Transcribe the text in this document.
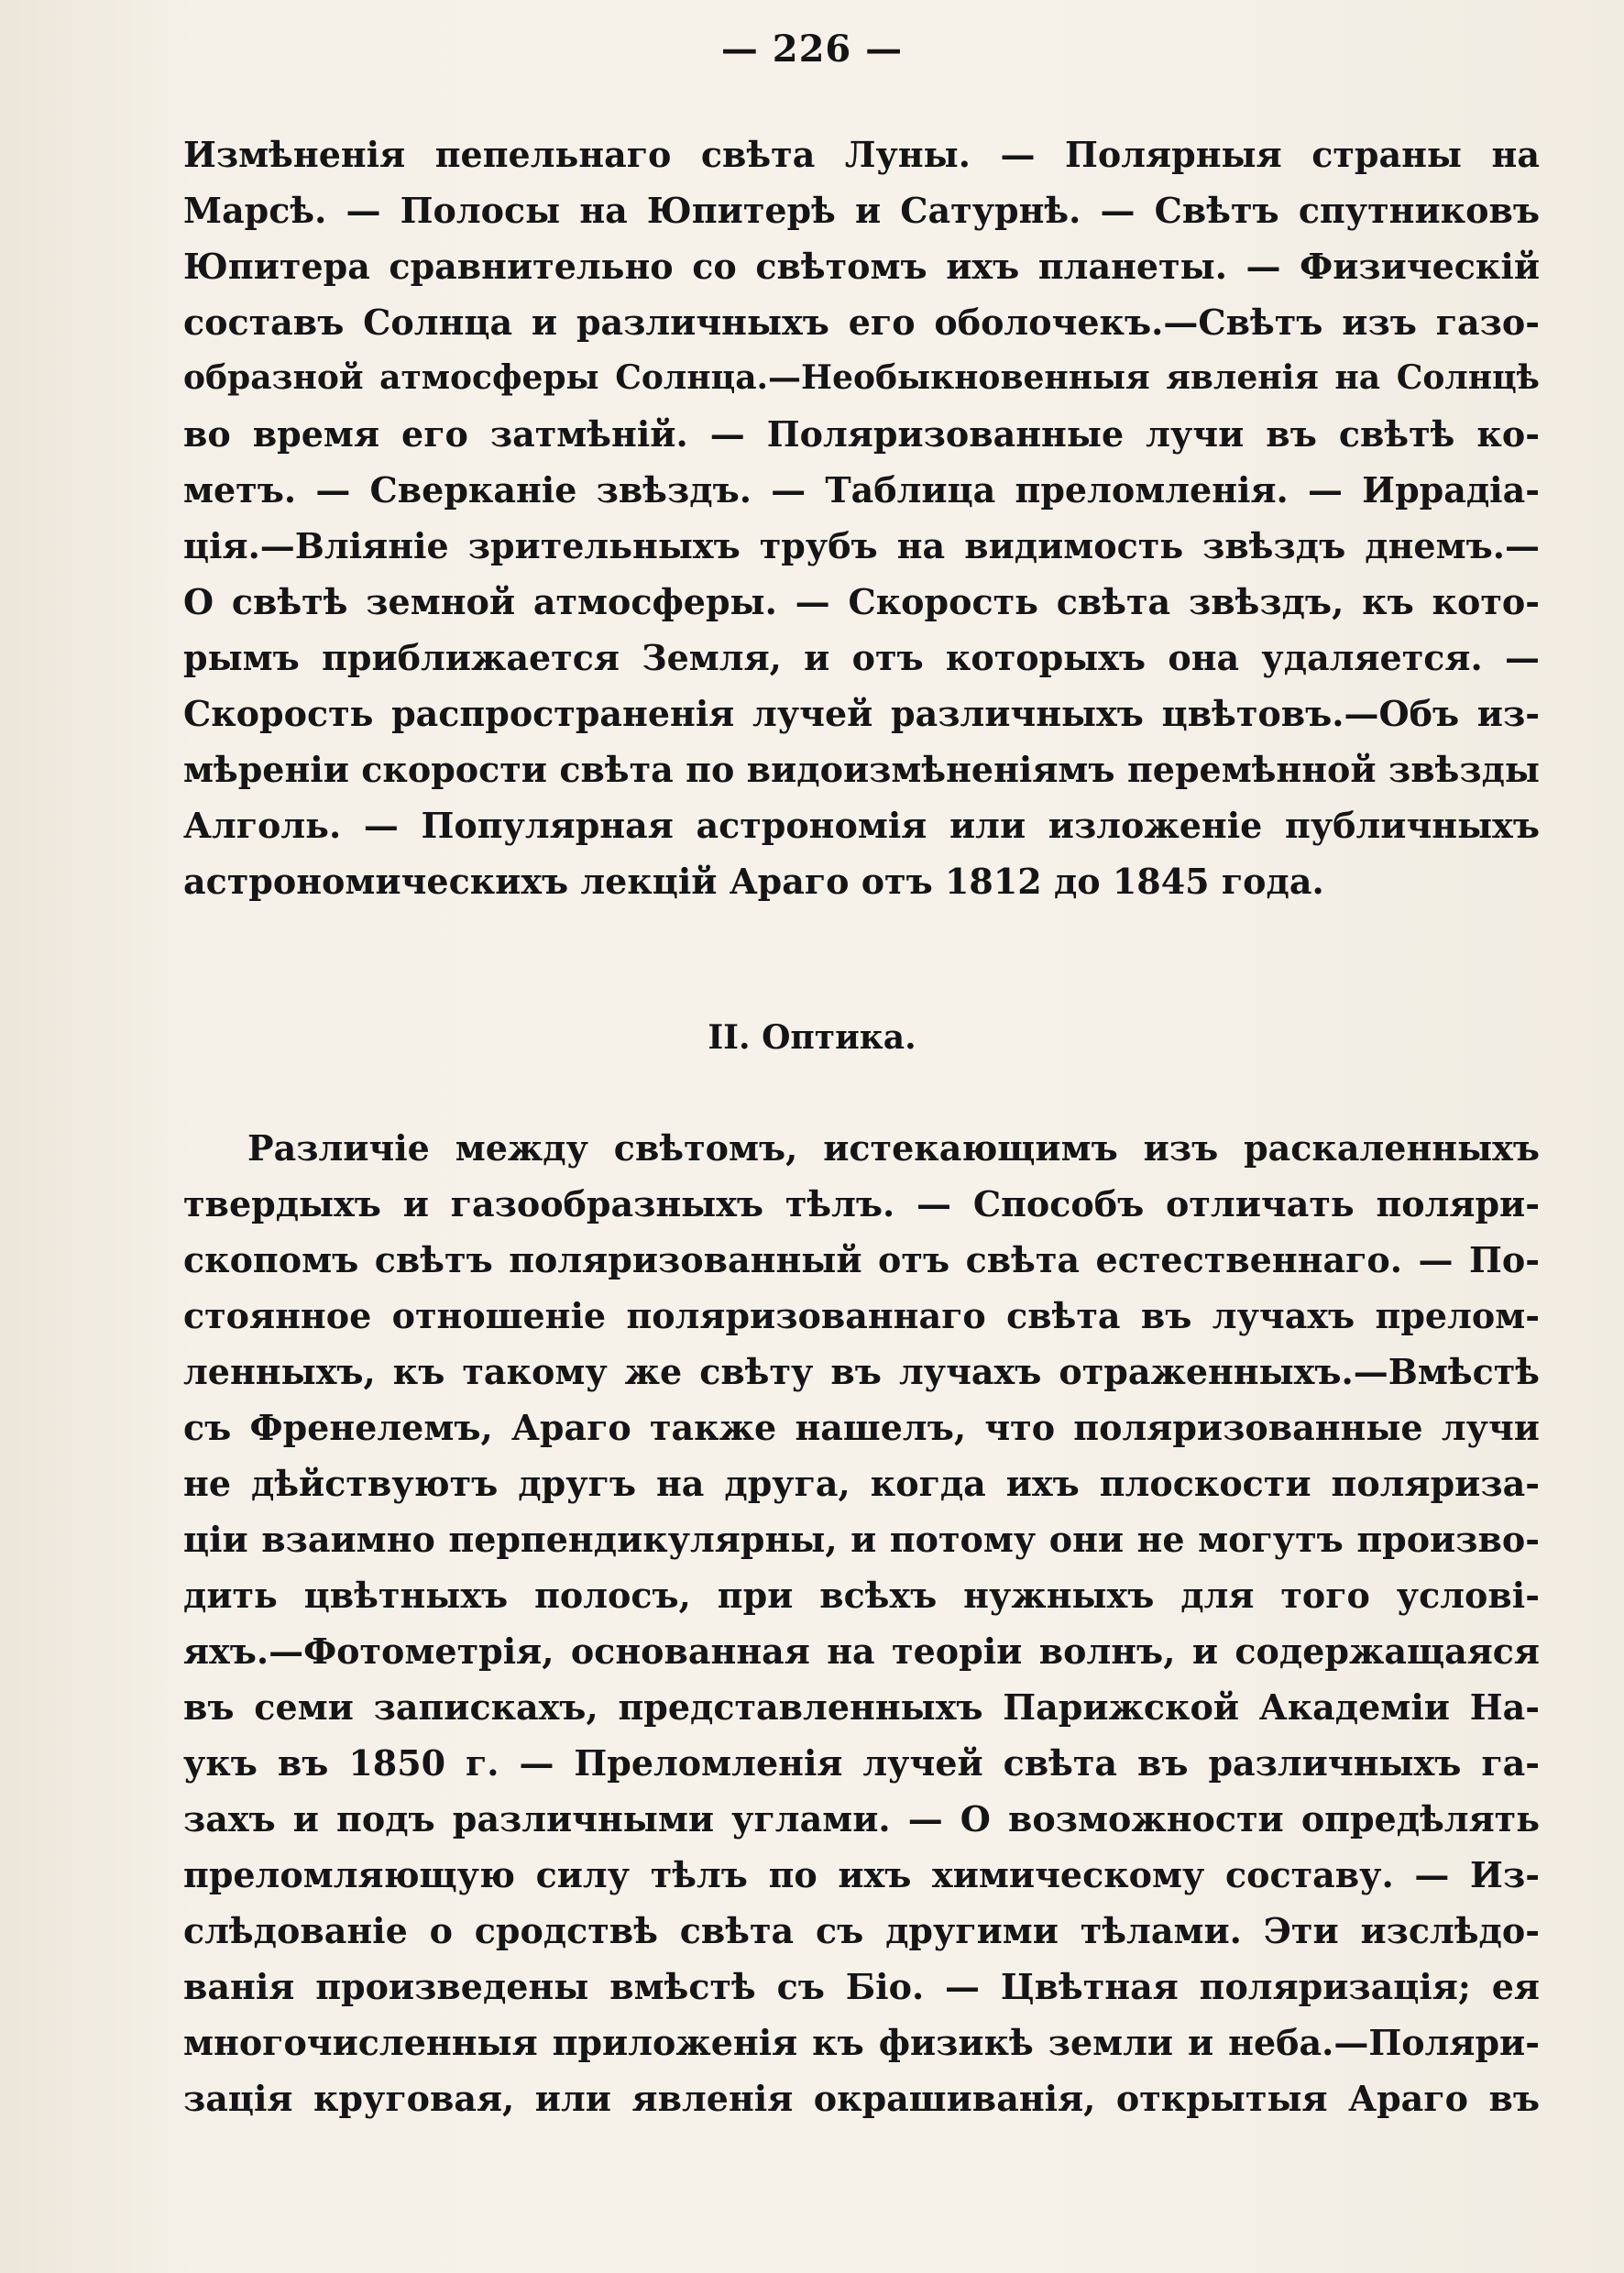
— 226 —
Измѣненія пепельнаго свѣта Луны. — Полярныя страны на
Марсѣ. — Полосы на Юпитерѣ и Сатурнѣ. — Свѣтъ спутниковъ
Юпитера сравнительно со свѣтомъ ихъ планеты. — Физическій
составъ Солнца и различныхъ его оболочекъ.—Свѣтъ изъ газо-
образной атмосферы Солнца.—Необыкновенныя явленія на Солнцѣ
во время его затмѣній. — Поляризованные лучи въ свѣтѣ ко-
метъ. — Сверканіе звѣздъ. — Таблица преломленія. — Иррадіа-
ція.—Вліяніе зрительныхъ трубъ на видимость звѣздъ днемъ.—
О свѣтѣ земной атмосферы. — Скорость свѣта звѣздъ, къ кото-
рымъ приближается Земля, и отъ которыхъ она удаляется. —
Скорость распространенія лучей различныхъ цвѣтовъ.—Объ из-
мѣреніи скорости свѣта по видоизмѣненіямъ перемѣнной звѣзды
Алголь. — Популярная астрономія или изложеніе публичныхъ
астрономическихъ лекцій Араго отъ 1812 до 1845 года.
II. Оптика.
Различіе между свѣтомъ, истекающимъ изъ раскаленныхъ
твердыхъ и газообразныхъ тѣлъ. — Способъ отличать поляри-
скопомъ свѣтъ поляризованный отъ свѣта естественнаго. — По-
стоянное отношеніе поляризованнаго свѣта въ лучахъ прелом-
ленныхъ, къ такому же свѣту въ лучахъ отраженныхъ.—Вмѣстѣ
съ Френелемъ, Араго также нашелъ, что поляризованные лучи
не дѣйствуютъ другъ на друга, когда ихъ плоскости поляриза-
ціи взаимно перпендикулярны, и потому они не могутъ произво-
дить цвѣтныхъ полосъ, при всѣхъ нужныхъ для того услові-
яхъ.—Фотометрія, основанная на теоріи волнъ, и содержащаяся
въ семи запискахъ, представленныхъ Парижской Академіи На-
укъ въ 1850 г. — Преломленія лучей свѣта въ различныхъ га-
захъ и подъ различными углами. — О возможности опредѣлять
преломляющую силу тѣлъ по ихъ химическому составу. — Из-
слѣдованіе о сродствѣ свѣта съ другими тѣлами. Эти изслѣдо-
ванія произведены вмѣстѣ съ Біо. — Цвѣтная поляризація; ея
многочисленныя приложенія къ физикѣ земли и неба.—Поляри-
зація круговая, или явленія окрашиванія, открытыя Араго въ
